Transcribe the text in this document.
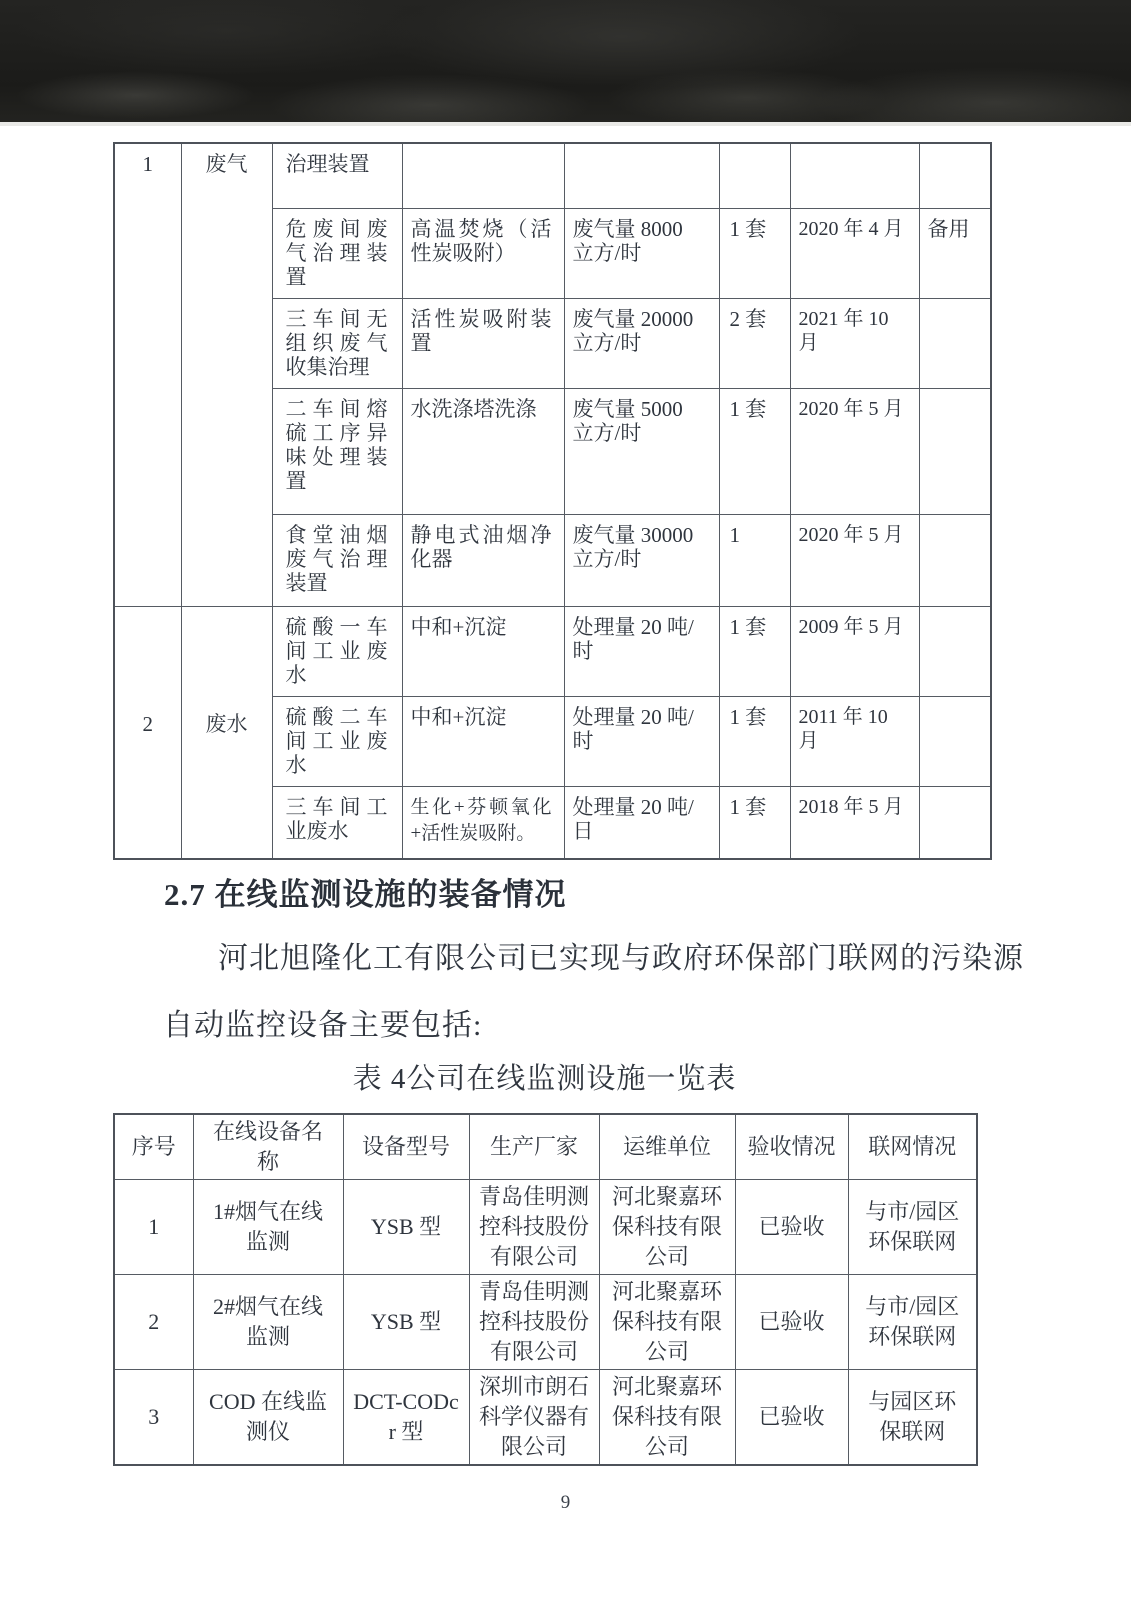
1	废气	治理装置					
		危废间废气治理装置	高温焚烧（活性炭吸附）	废气量 8000 立方/时	1 套	2020 年 4 月	备用
		三车间无组织废气收集治理	活性炭吸附装置	废气量 20000 立方/时	2 套	2021 年 10 月	
		二车间熔硫工序异味处理装置	水洗涤塔洗涤	废气量 5000 立方/时	1 套	2020 年 5 月	
		食堂油烟废气治理装置	静电式油烟净化器	废气量 30000 立方/时	1	2020 年 5 月	
2	废水	硫酸一车间工业废水	中和+沉淀	处理量 20 吨/时	1 套	2009 年 5 月	
		硫酸二车间工业废水	中和+沉淀	处理量 20 吨/时	1 套	2011 年 10 月	
		三车间工业废水	生化+芬顿氧化+活性炭吸附。	处理量 20 吨/日	1 套	2018 年 5 月	
2.7 在线监测设施的装备情况
河北旭隆化工有限公司已实现与政府环保部门联网的污染源
自动监控设备主要包括:
表 4公司在线监测设施一览表
序号	在线设备名称	设备型号	生产厂家	运维单位	验收情况	联网情况
1	1#烟气在线监测	YSB 型	青岛佳明测控科技股份有限公司	河北聚嘉环保科技有限公司	已验收	与市/园区环保联网
2	2#烟气在线监测	YSB 型	青岛佳明测控科技股份有限公司	河北聚嘉环保科技有限公司	已验收	与市/园区环保联网
3	COD 在线监测仪	DCT-CODcr 型	深圳市朗石科学仪器有限公司	河北聚嘉环保科技有限公司	已验收	与园区环保联网
9
